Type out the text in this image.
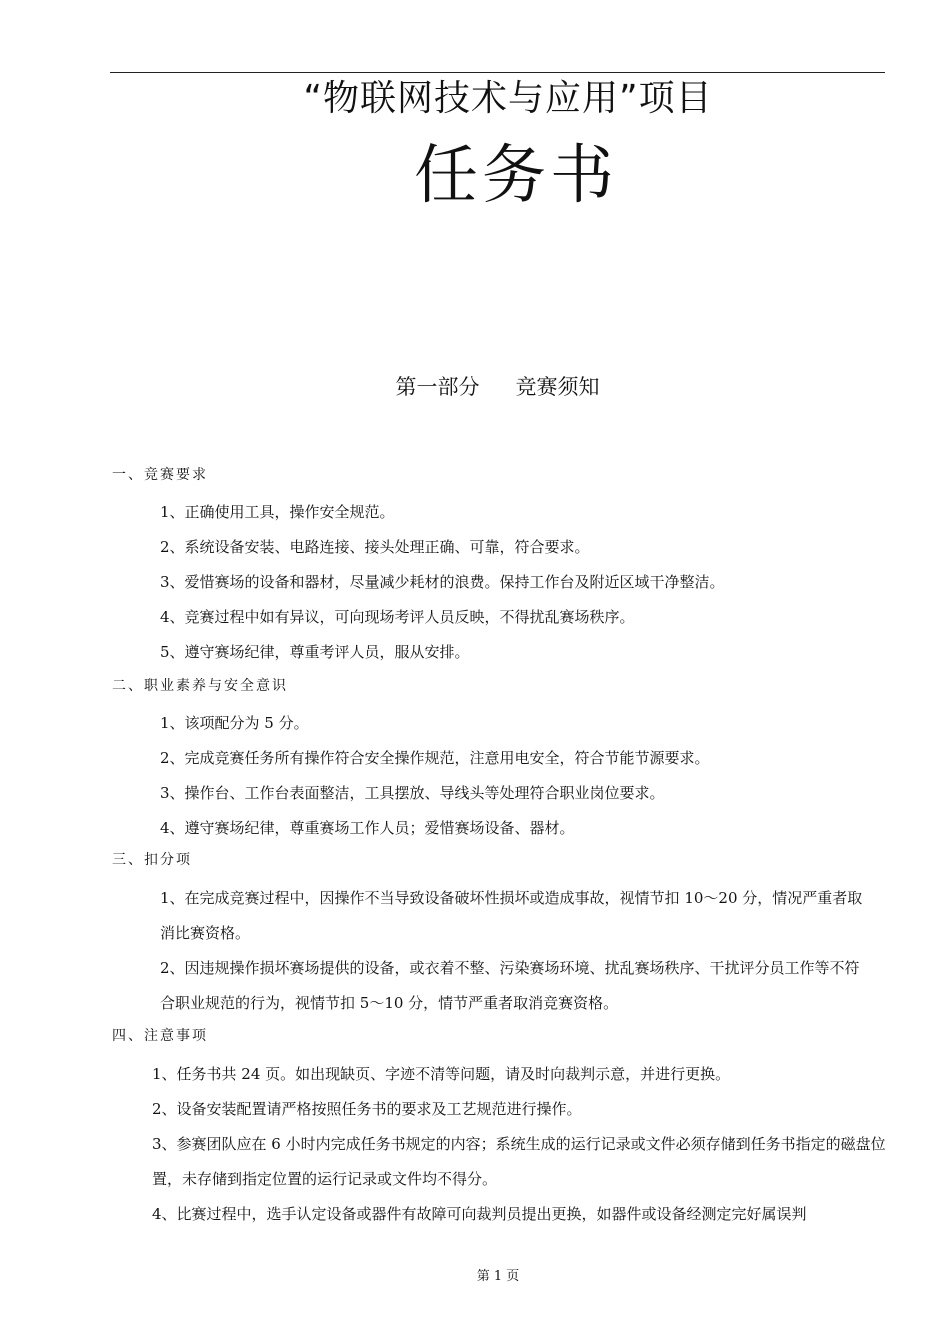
“物联网技术与应用”项目
任务书
第一部分 竞赛须知
一、竞赛要求
1、正确使用工具，操作安全规范。
2、系统设备安装、电路连接、接头处理正确、可靠，符合要求。
3、爱惜赛场的设备和器材，尽量减少耗材的浪费。保持工作台及附近区域干净整洁。
4、竞赛过程中如有异议，可向现场考评人员反映，不得扰乱赛场秩序。
5、遵守赛场纪律，尊重考评人员，服从安排。
二、职业素养与安全意识
1、该项配分为 5 分。
2、完成竞赛任务所有操作符合安全操作规范，注意用电安全，符合节能节源要求。
3、操作台、工作台表面整洁，工具摆放、导线头等处理符合职业岗位要求。
4、遵守赛场纪律，尊重赛场工作人员；爱惜赛场设备、器材。
三、扣分项
1、在完成竞赛过程中，因操作不当导致设备破坏性损坏或造成事故，视情节扣 10～20 分，情况严重者取消比赛资格。
2、因违规操作损坏赛场提供的设备，或衣着不整、污染赛场环境、扰乱赛场秩序、干扰评分员工作等不符合职业规范的行为，视情节扣 5～10 分，情节严重者取消竞赛资格。
四、注意事项
1、任务书共 24 页。如出现缺页、字迹不清等问题，请及时向裁判示意，并进行更换。
2、设备安装配置请严格按照任务书的要求及工艺规范进行操作。
3、参赛团队应在 6 小时内完成任务书规定的内容；系统生成的运行记录或文件必须存储到任务书指定的磁盘位置，未存储到指定位置的运行记录或文件均不得分。
4、比赛过程中，选手认定设备或器件有故障可向裁判员提出更换，如器件或设备经测定完好属误判
第 1 页
